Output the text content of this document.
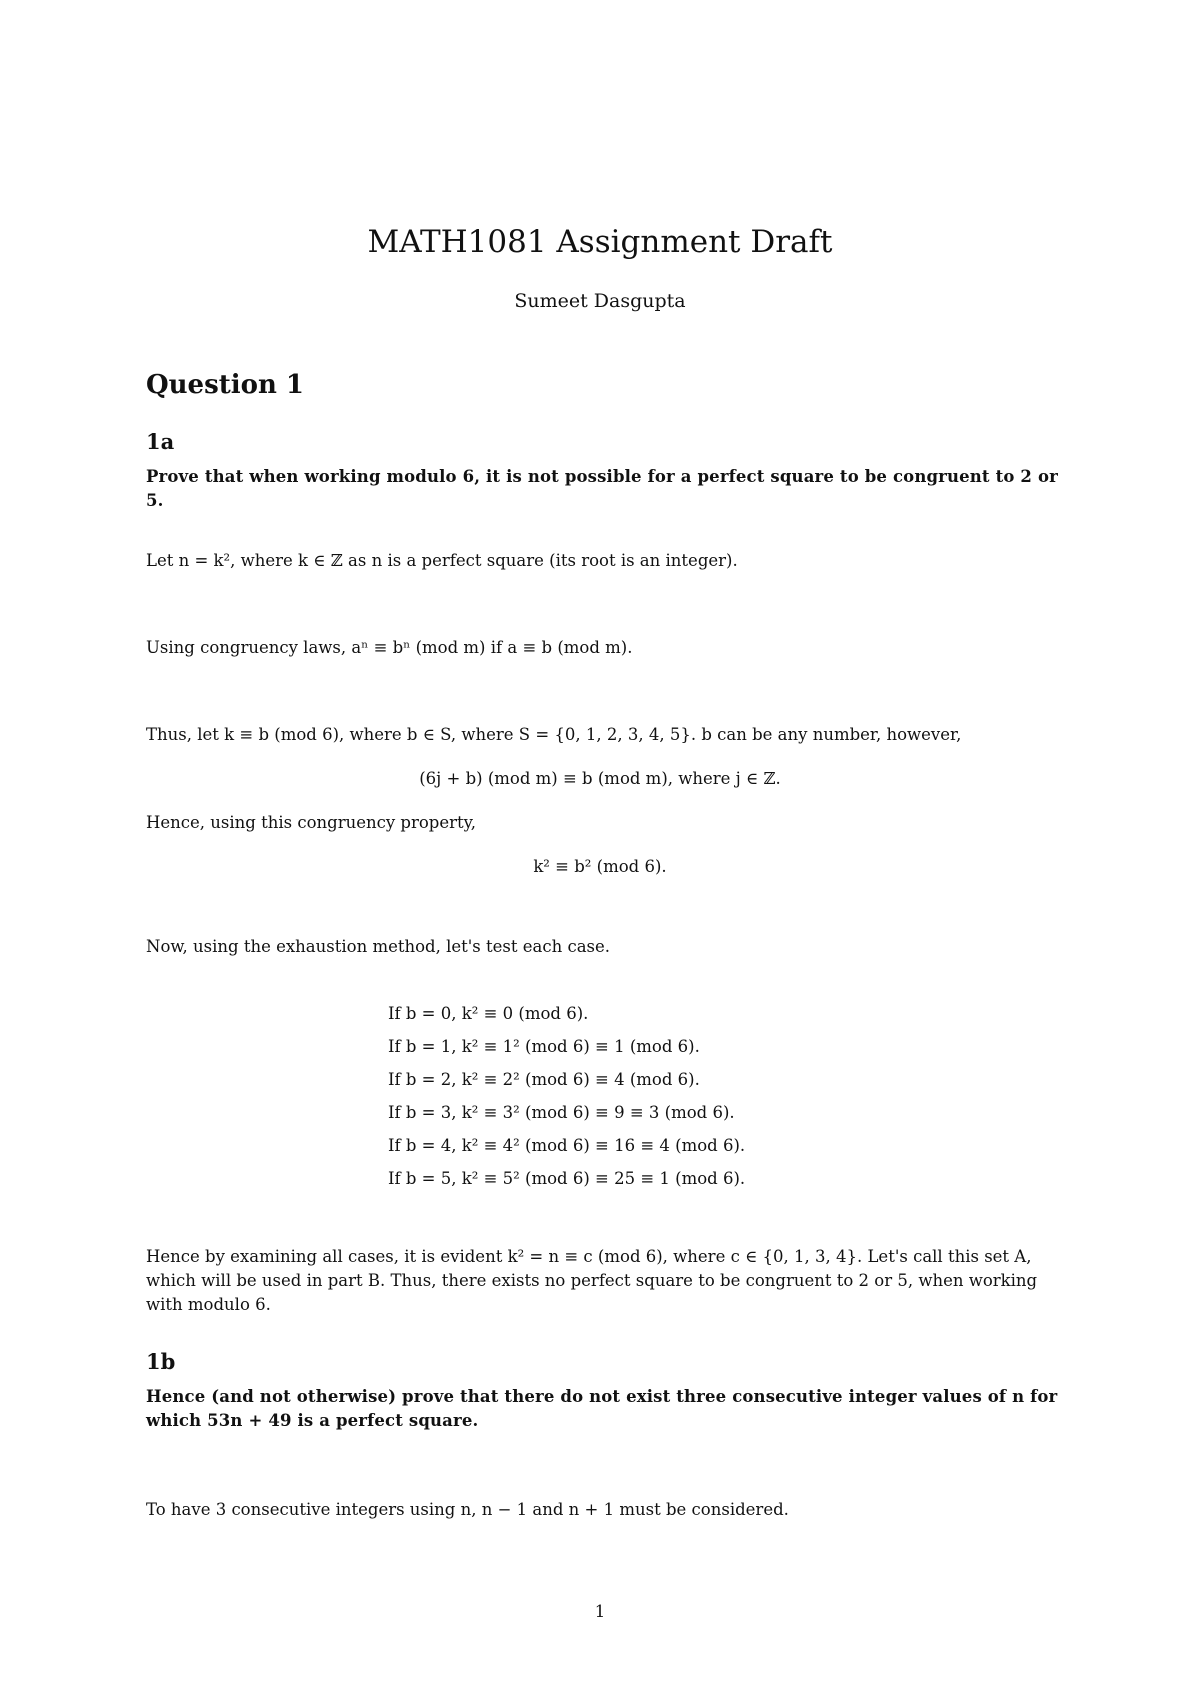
MATH1081 Assignment Draft
Sumeet Dasgupta
Question 1
1a

Prove that when working modulo 6, it is not possible for a perfect square to be congruent to 2 or 5.

Let n = k², where k ∈ ℤ as n is a perfect square (its root is an integer).

Using congruency laws, aⁿ ≡ bⁿ (mod m) if a ≡ b (mod m).

Thus, let k ≡ b (mod 6), where b ∈ S, where S = {0, 1, 2, 3, 4, 5}. b can be any number, however,

(6j + b) (mod m) ≡ b (mod m), where j ∈ ℤ.

Hence, using this congruency property,

k² ≡ b² (mod 6).

Now, using the exhaustion method, let's test each case.

If b = 0, k² ≡ 0 (mod 6).
If b = 1, k² ≡ 1² (mod 6) ≡ 1 (mod 6).
If b = 2, k² ≡ 2² (mod 6) ≡ 4 (mod 6).
If b = 3, k² ≡ 3² (mod 6) ≡ 9 ≡ 3 (mod 6).
If b = 4, k² ≡ 4² (mod 6) ≡ 16 ≡ 4 (mod 6).
If b = 5, k² ≡ 5² (mod 6) ≡ 25 ≡ 1 (mod 6).

Hence by examining all cases, it is evident k² = n ≡ c (mod 6), where c ∈ {0, 1, 3, 4}. Let's call this set A, which will be used in part B. Thus, there exists no perfect square to be congruent to 2 or 5, when working with modulo 6.

1b

Hence (and not otherwise) prove that there do not exist three consecutive integer values of n for which 53n + 49 is a perfect square.

To have 3 consecutive integers using n, n − 1 and n + 1 must be considered.

1
